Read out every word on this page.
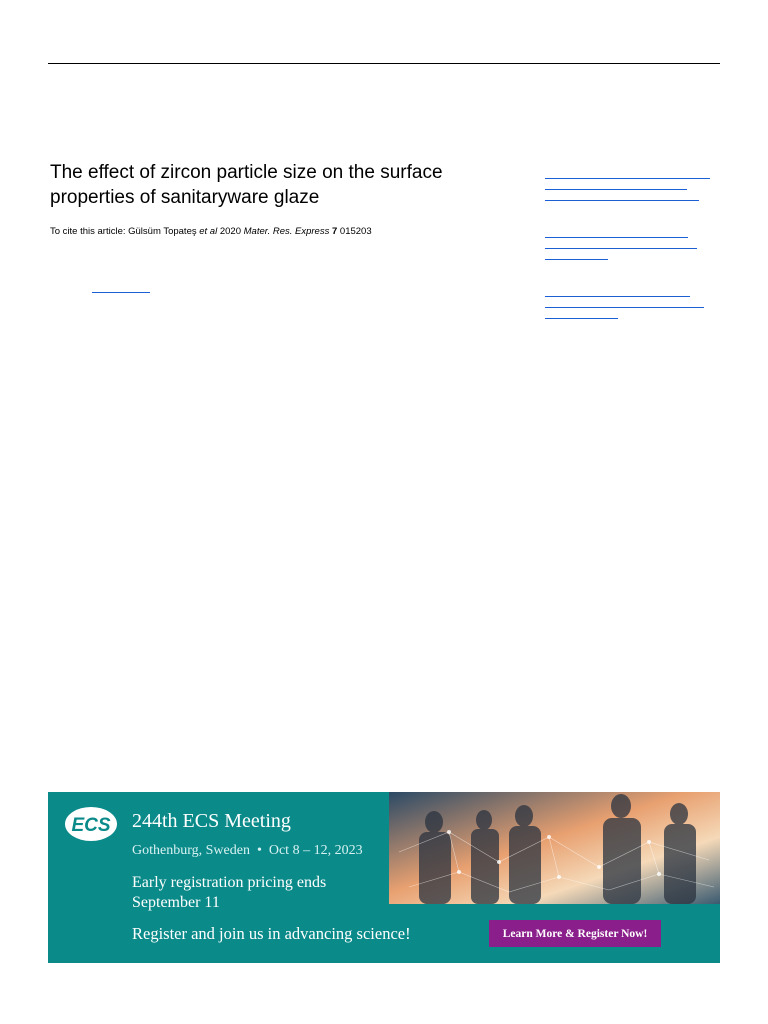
The effect of zircon particle size on the surface properties of sanitaryware glaze
To cite this article: Gülsüm Topateş et al 2020 Mater. Res. Express 7 015203
ECS 244th ECS Meeting
Gothenburg, Sweden • Oct 8 – 12, 2023
Early registration pricing ends September 11
Register and join us in advancing science!	Learn More & Register Now!
